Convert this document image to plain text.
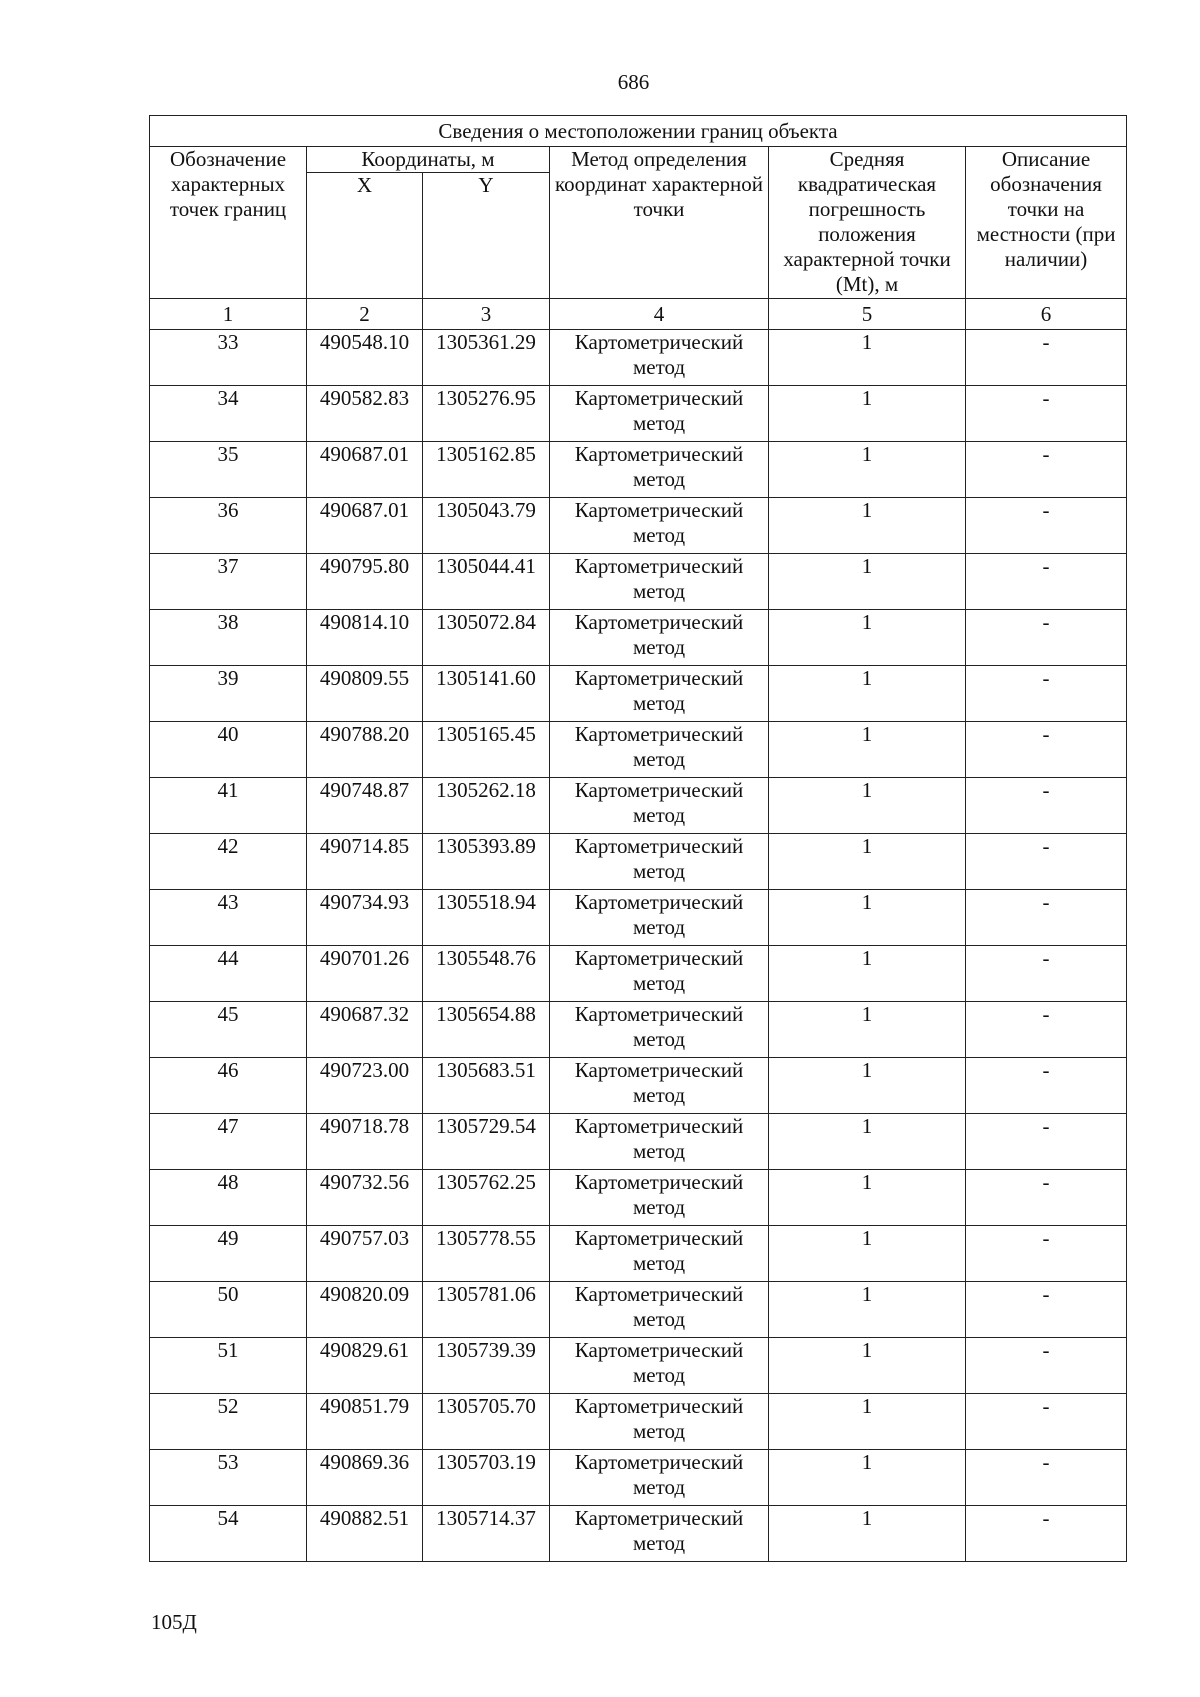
686
Сведения о местоположении границ объекта					
Обозначение характерных точек границ	Координаты, м		Метод определения координат характерной точки	Средняя квадратическая погрешность положения характерной точки (Mt), м	Описание обозначения точки на местности (при наличии)
	X	Y			
1	2	3	4	5	6
33	490548.10	1305361.29	Картометрический метод	1	-
34	490582.83	1305276.95	Картометрический метод	1	-
35	490687.01	1305162.85	Картометрический метод	1	-
36	490687.01	1305043.79	Картометрический метод	1	-
37	490795.80	1305044.41	Картометрический метод	1	-
38	490814.10	1305072.84	Картометрический метод	1	-
39	490809.55	1305141.60	Картометрический метод	1	-
40	490788.20	1305165.45	Картометрический метод	1	-
41	490748.87	1305262.18	Картометрический метод	1	-
42	490714.85	1305393.89	Картометрический метод	1	-
43	490734.93	1305518.94	Картометрический метод	1	-
44	490701.26	1305548.76	Картометрический метод	1	-
45	490687.32	1305654.88	Картометрический метод	1	-
46	490723.00	1305683.51	Картометрический метод	1	-
47	490718.78	1305729.54	Картометрический метод	1	-
48	490732.56	1305762.25	Картометрический метод	1	-
49	490757.03	1305778.55	Картометрический метод	1	-
50	490820.09	1305781.06	Картометрический метод	1	-
51	490829.61	1305739.39	Картометрический метод	1	-
52	490851.79	1305705.70	Картометрический метод	1	-
53	490869.36	1305703.19	Картометрический метод	1	-
54	490882.51	1305714.37	Картометрический метод	1	-
105Д
